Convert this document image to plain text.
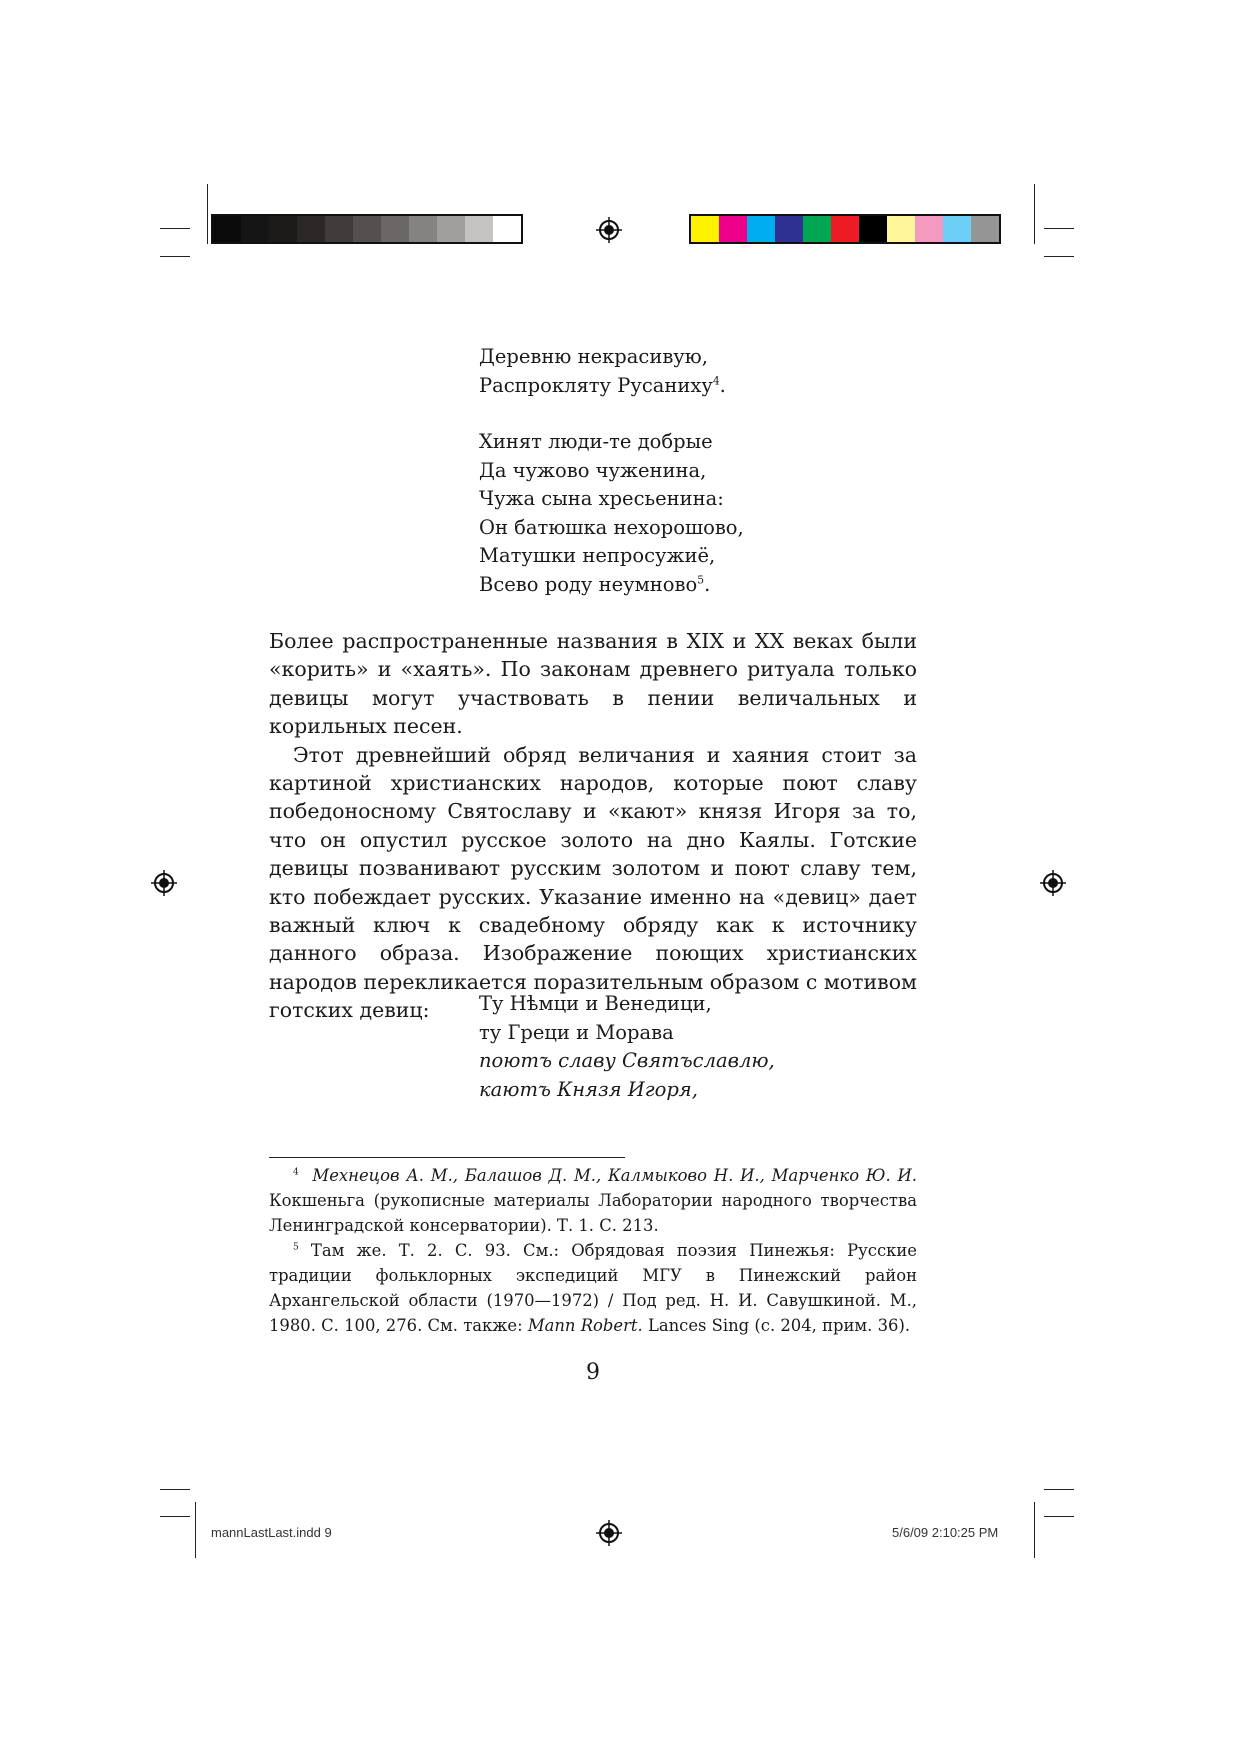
Деревню некрасивую,
Распрокляту Русаниху$^4$.
Хинят люди-те добрые
Да чужово чуженина,
Чужа сына хресьенина:
Он батюшка нехорошово,
Матушки непросужиё,
Всево роду неумново$^5$.

Более распространенные названия в XIX и XX веках были «корить» и «хаять». По законам древнего ритуала только девицы могут участвовать в пении величальных и корильных песен.

Этот древнейший обряд величания и хаяния стоит за картиной христианских народов, которые поют славу победоносному Святославу и «кают» князя Игоря за то, что он опустил русское золото на дно Каялы. Готские девицы позванивают русским золотом и поют славу тем, кто побеждает русских. Указание именно на «девиц» дает важный ключ к свадебному обряду как к источнику данного образа. Изображение поющих христианских народов перекликается поразительным образом с мотивом готских девиц:	Ту Нѣмци и Венедици,
ту Греци и Морава
поютъ славу Святъславлю,
каютъ Князя Игоря,

$^4$ Мехнецов А. М., Балашов Д. М., Калмыково Н. И., Марченко Ю. И. Кокшеньга (рукописные материалы Лаборатории народного творчества Ленинградской консерватории). Т. 1. С. 213.

$^5$ Там же. Т. 2. С. 93. См.: Обрядовая поэзия Пинежья: Русские традиции фольклорных экспедиций МГУ в Пинежский район Архангельской области (1970—1972) / Под ред. Н. И. Савушкиной. М., 1980. С. 100, 276. См. также: Mann Robert. Lances Sing (с. 204, прим. 36).

9
mannLastLast.indd 9	5/6/09 2:10:25 PM
